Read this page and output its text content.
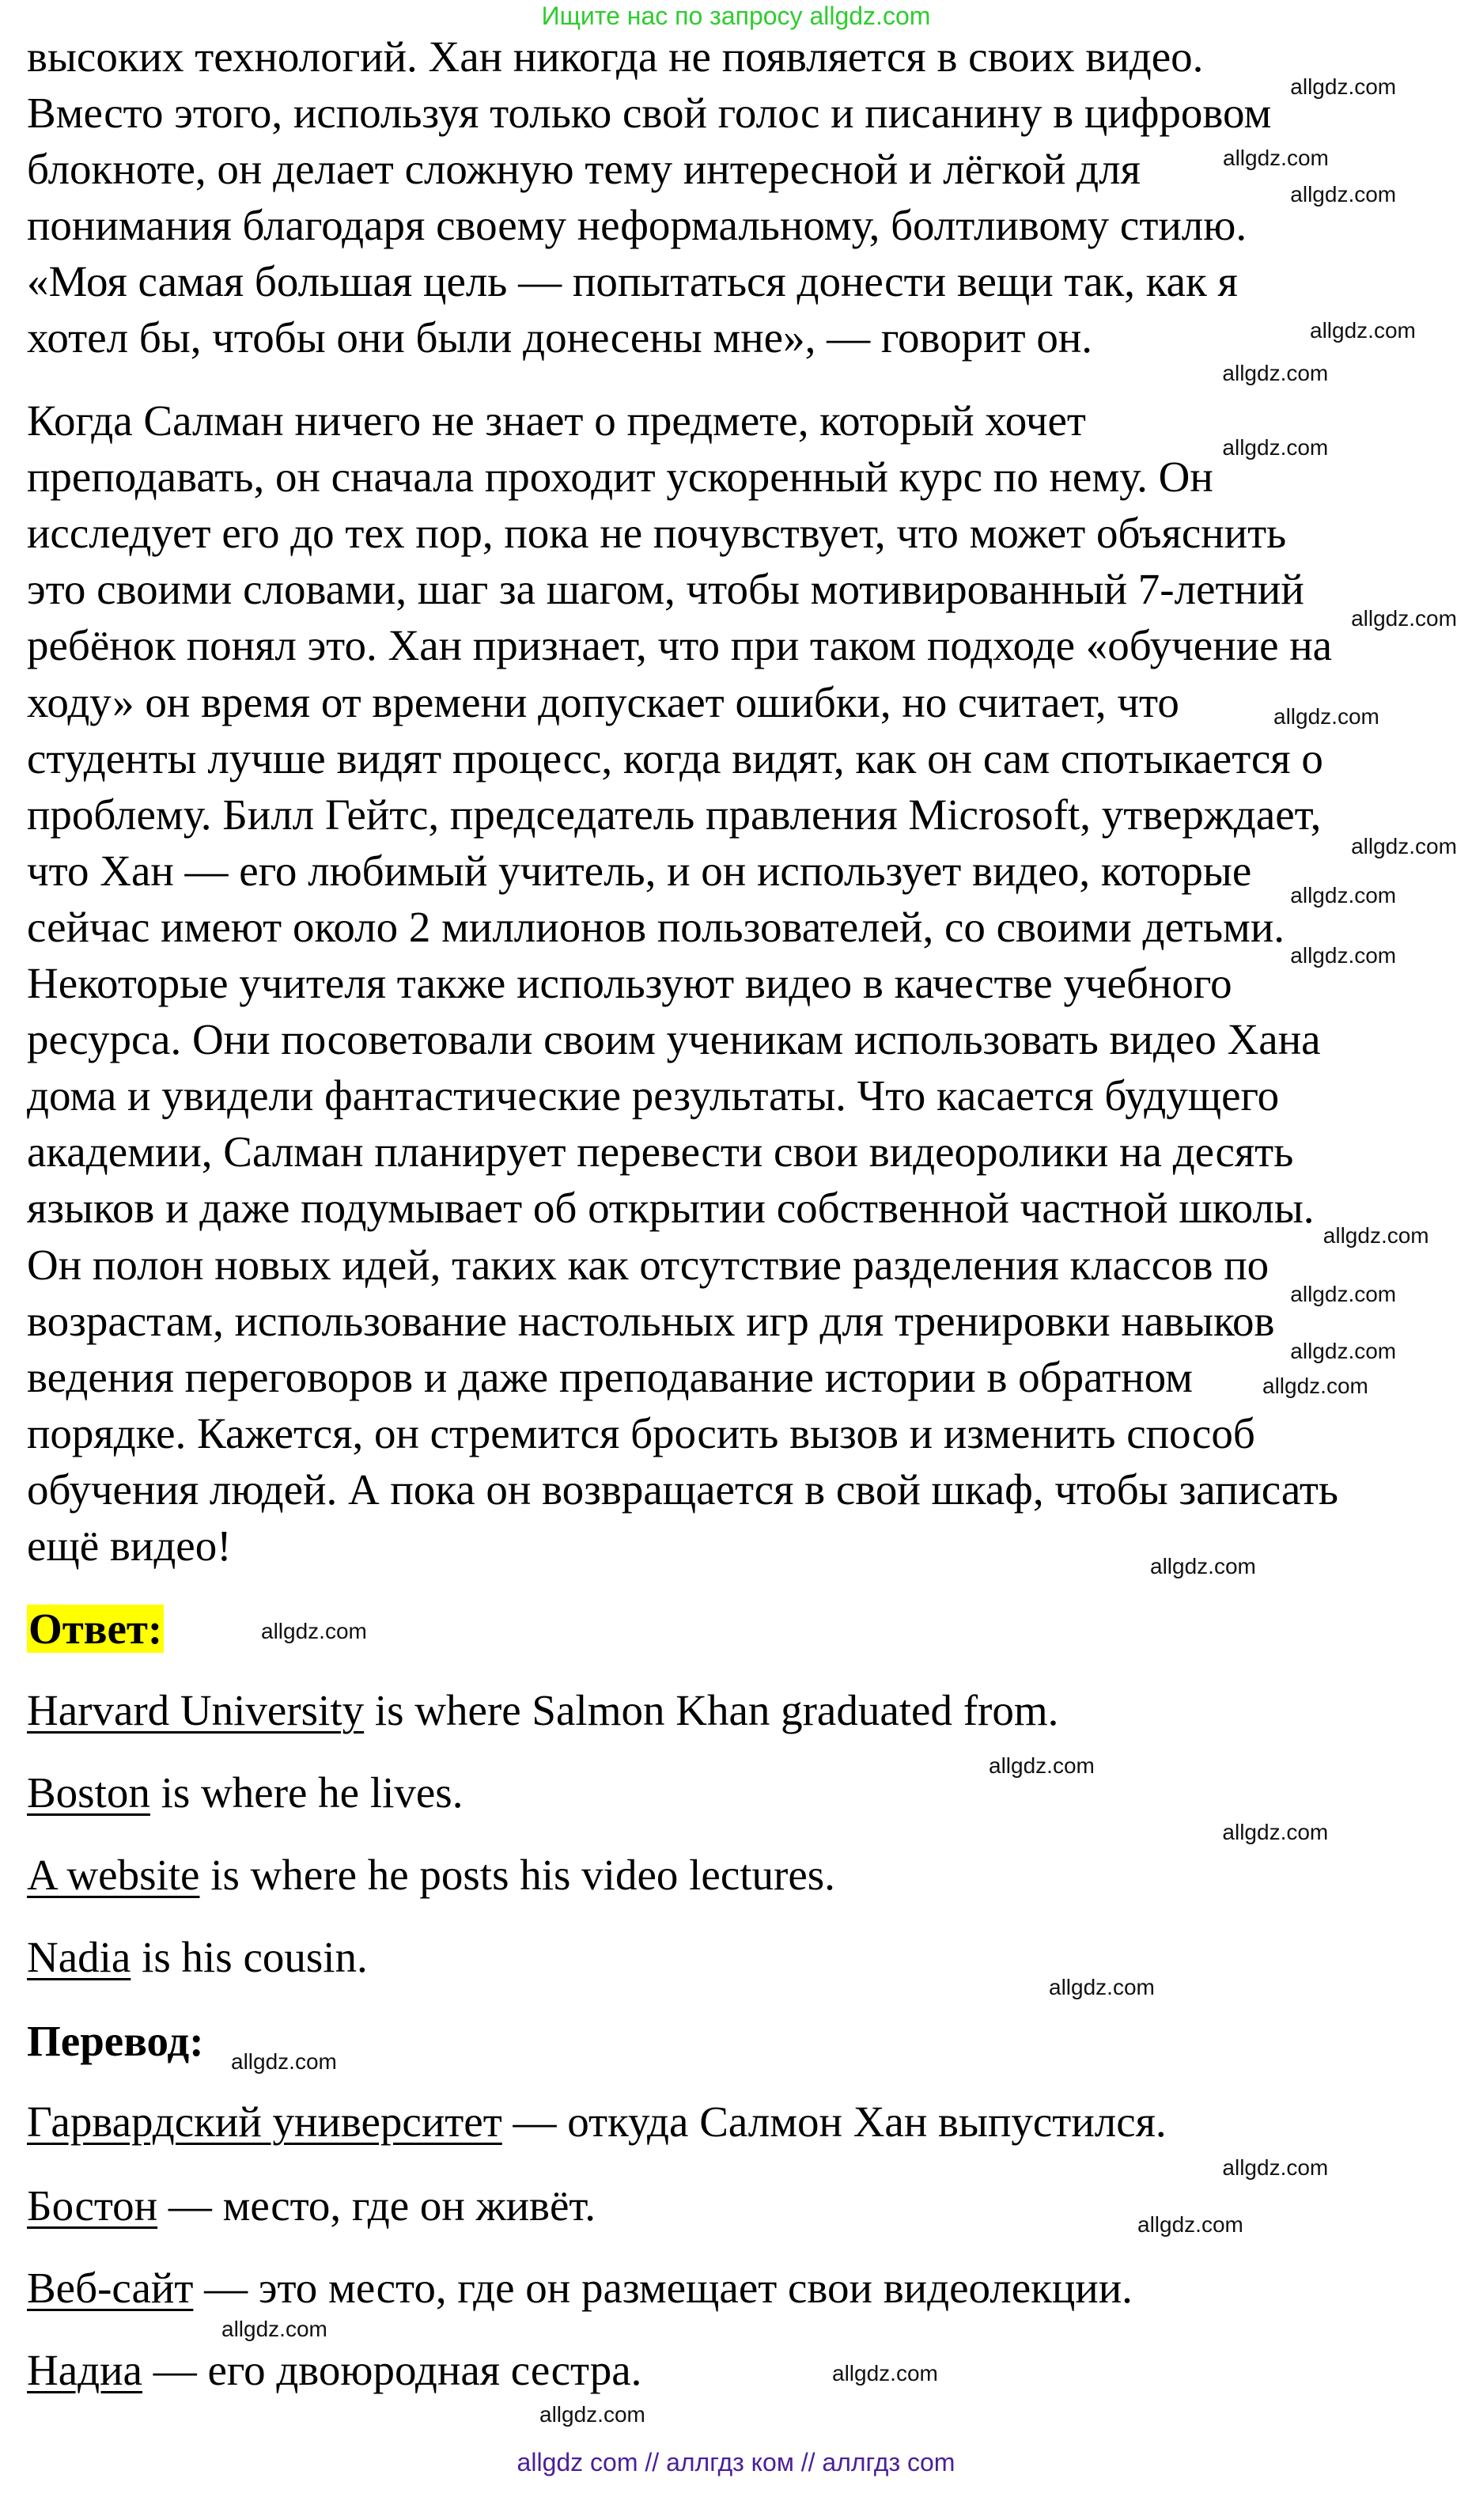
Ищите нас по запросу allgdz.com
высоких технологий. Хан никогда не появляется в своих видео.
Вместо этого, используя только свой голос и писанину в цифровом
блокноте, он делает сложную тему интересной и лёгкой для
понимания благодаря своему неформальному, болтливому стилю.
«Моя самая большая цель — попытаться донести вещи так, как я
хотел бы, чтобы они были донесены мне», — говорит он.
Когда Салман ничего не знает о предмете, который хочет
преподавать, он сначала проходит ускоренный курс по нему. Он
исследует его до тех пор, пока не почувствует, что может объяснить
это своими словами, шаг за шагом, чтобы мотивированный 7-летний
ребёнок понял это. Хан признает, что при таком подходе «обучение на
ходу» он время от времени допускает ошибки, но считает, что
студенты лучше видят процесс, когда видят, как он сам спотыкается о
проблему. Билл Гейтс, председатель правления Microsoft, утверждает,
что Хан — его любимый учитель, и он использует видео, которые
сейчас имеют около 2 миллионов пользователей, со своими детьми.
Некоторые учителя также используют видео в качестве учебного
ресурса. Они посоветовали своим ученикам использовать видео Хана
дома и увидели фантастические результаты. Что касается будущего
академии, Салман планирует перевести свои видеоролики на десять
языков и даже подумывает об открытии собственной частной школы.
Он полон новых идей, таких как отсутствие разделения классов по
возрастам, использование настольных игр для тренировки навыков
ведения переговоров и даже преподавание истории в обратном
порядке. Кажется, он стремится бросить вызов и изменить способ
обучения людей. А пока он возвращается в свой шкаф, чтобы записать
ещё видео!
Ответ:
Harvard University is where Salmon Khan graduated from.
Boston is where he lives.
A website is where he posts his video lectures.
Nadia is his cousin.
Перевод:
Гарвардский университет — откуда Салмон Хан выпустился.
Бостон — место, где он живёт.
Веб-сайт — это место, где он размещает свои видеолекции.
Надиа — его двоюродная сестра.
allgdz.com
allgdz.com
allgdz.com
allgdz.com
allgdz.com
allgdz.com
allgdz.com
allgdz.com
allgdz.com
allgdz.com
allgdz.com
allgdz.com
allgdz.com
allgdz.com
allgdz.com
allgdz.com
allgdz.com
allgdz.com
allgdz.com
allgdz.com
allgdz.com
allgdz.com
allgdz.com
allgdz.com
allgdz.com
allgdz.com
allgdz com // аллгдз ком // аллгдз com
